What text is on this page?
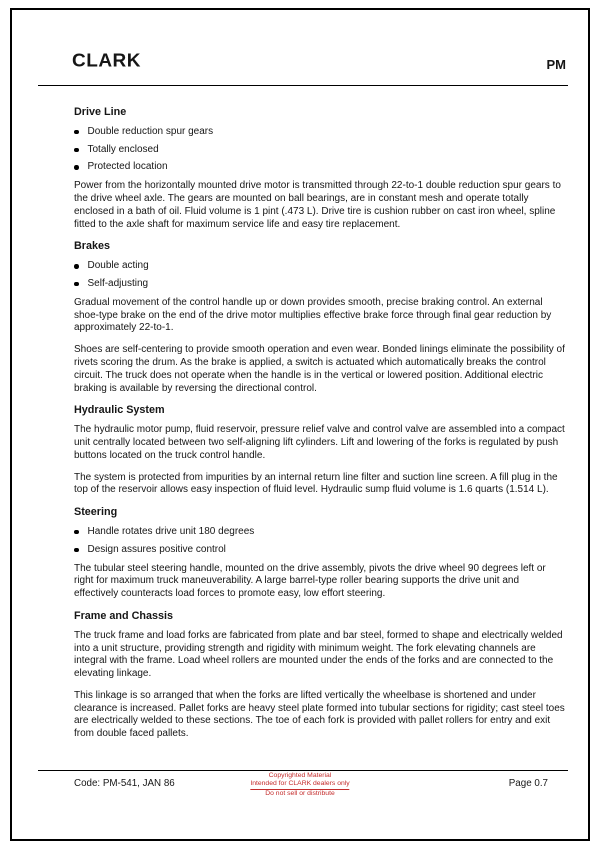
CLARK	PM
Drive Line
Double reduction spur gears
Totally enclosed
Protected location

Power from the horizontally mounted drive motor is transmitted through 22-to-1 double reduction spur gears to the drive wheel axle. The gears are mounted on ball bearings, are in constant mesh and operate totally enclosed in a bath of oil. Fluid volume is 1 pint (.473 L). Drive tire is cushion rubber on cast iron wheel, spline fitted to the axle shaft for maximum service life and easy tire replacement.

Brakes
Double acting
Self-adjusting

Gradual movement of the control handle up or down provides smooth, precise braking control. An external shoe-type brake on the end of the drive motor multiplies effective brake force through final gear reduction by approximately 22-to-1.

Shoes are self-centering to provide smooth operation and even wear. Bonded linings eliminate the possibility of rivets scoring the drum. As the brake is applied, a switch is actuated which automatically breaks the control circuit. The truck does not operate when the handle is in the vertical or lowered position. Additional electric braking is available by reversing the directional control.

Hydraulic System

The hydraulic motor pump, fluid reservoir, pressure relief valve and control valve are assembled into a compact unit centrally located between two self-aligning lift cylinders. Lift and lowering of the forks is regulated by push buttons located on the truck control handle.

The system is protected from impurities by an internal return line filter and suction line screen. A fill plug in the top of the reservoir allows easy inspection of fluid level. Hydraulic sump fluid volume is 1.6 quarts (1.514 L).

Steering
Handle rotates drive unit 180 degrees
Design assures positive control

The tubular steel steering handle, mounted on the drive assembly, pivots the drive wheel 90 degrees left or right for maximum truck maneuverability. A large barrel-type roller bearing supports the drive unit and effectively counteracts load forces to promote easy, low effort steering.

Frame and Chassis

The truck frame and load forks are fabricated from plate and bar steel, formed to shape and electrically welded into a unit structure, providing strength and rigidity with minimum weight. The fork elevating channels are integral with the frame. Load wheel rollers are mounted under the ends of the forks and are connected to the elevating linkage.

This linkage is so arranged that when the forks are lifted vertically the wheelbase is shortened and under clearance is increased. Pallet forks are heavy steel plate formed into tubular sections for rigidity; cast steel toes are electrically welded to these sections. The toe of each fork is provided with pallet rollers for entry and exit from double faced pallets.

Code: PM-541, JAN 86
Copyrighted Material
Intended for CLARK dealers only
Do not sell or distribute
Page 0.7
